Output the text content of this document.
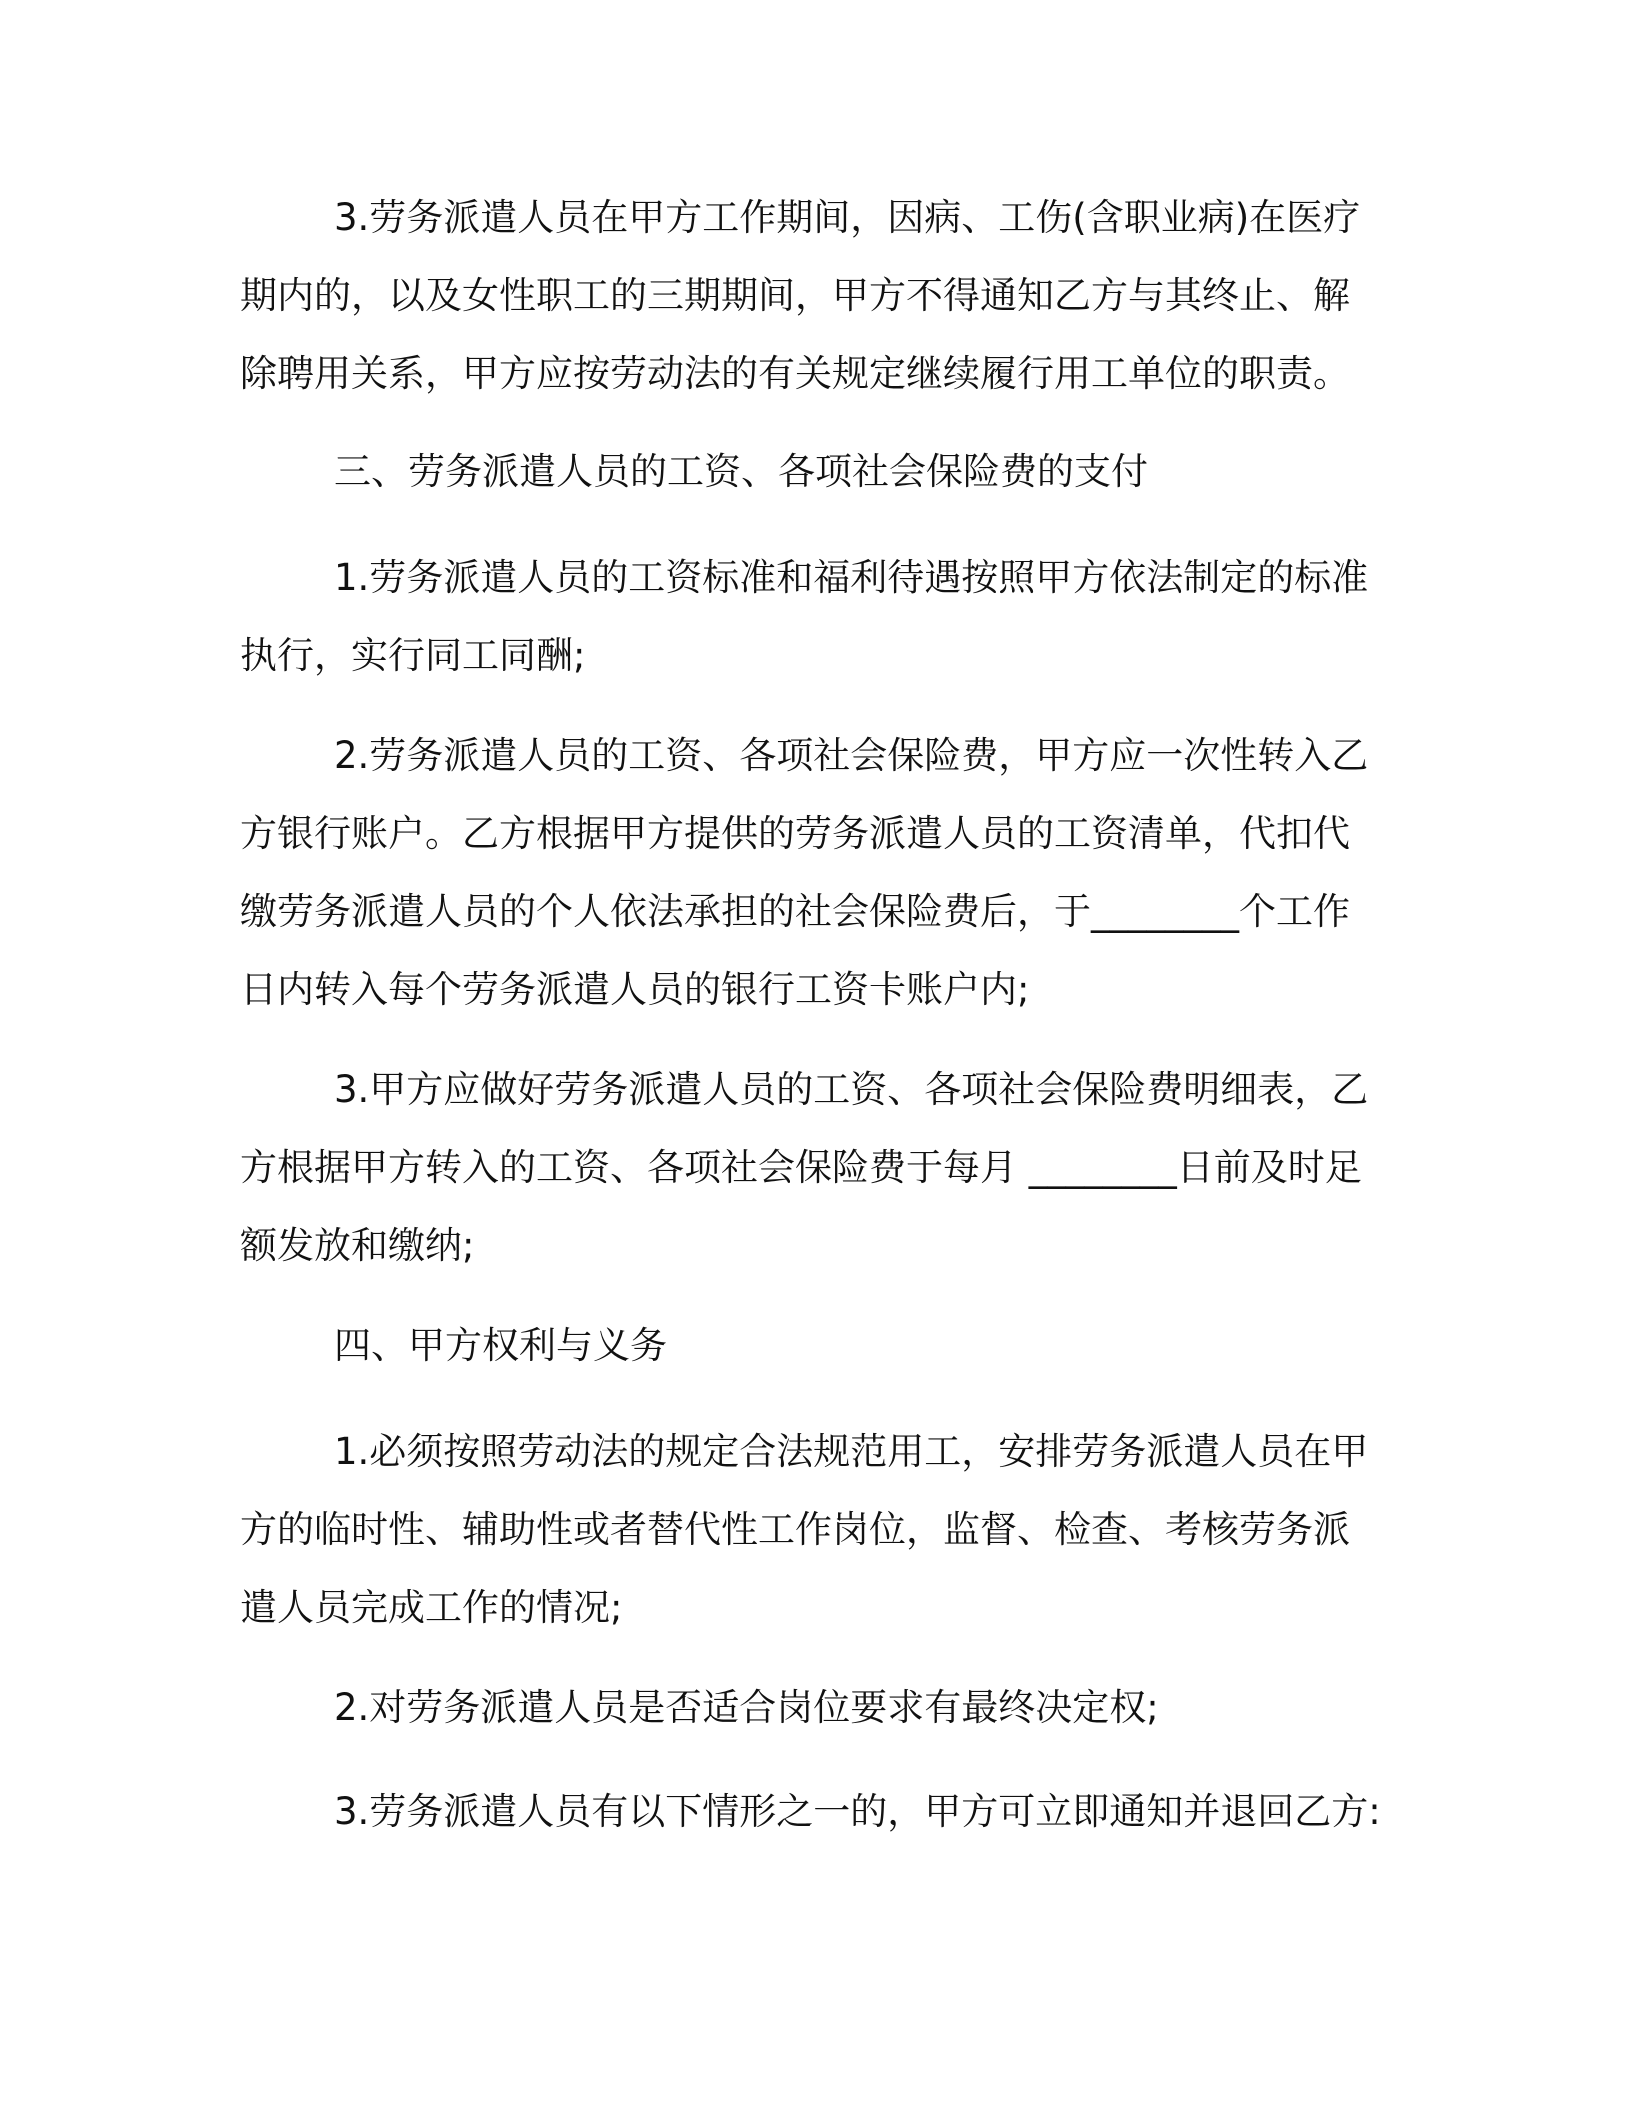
3.劳务派遣人员在甲方工作期间，因病、工伤(含职业病)在医疗
期内的，以及女性职工的三期期间，甲方不得通知乙方与其终止、解
除聘用关系，甲方应按劳动法的有关规定继续履行用工单位的职责。
三、劳务派遣人员的工资、各项社会保险费的支付
1.劳务派遣人员的工资标准和福利待遇按照甲方依法制定的标准
执行，实行同工同酬;
2.劳务派遣人员的工资、各项社会保险费，甲方应一次性转入乙
方银行账户。乙方根据甲方提供的劳务派遣人员的工资清单，代扣代
缴劳务派遣人员的个人依法承担的社会保险费后，于________个工作
日内转入每个劳务派遣人员的银行工资卡账户内;
3.甲方应做好劳务派遣人员的工资、各项社会保险费明细表，乙
方根据甲方转入的工资、各项社会保险费于每月 ________日前及时足
额发放和缴纳;
四、甲方权利与义务
1.必须按照劳动法的规定合法规范用工，安排劳务派遣人员在甲
方的临时性、辅助性或者替代性工作岗位，监督、检查、考核劳务派
遣人员完成工作的情况;
2.对劳务派遣人员是否适合岗位要求有最终决定权;
3.劳务派遣人员有以下情形之一的，甲方可立即通知并退回乙方:
